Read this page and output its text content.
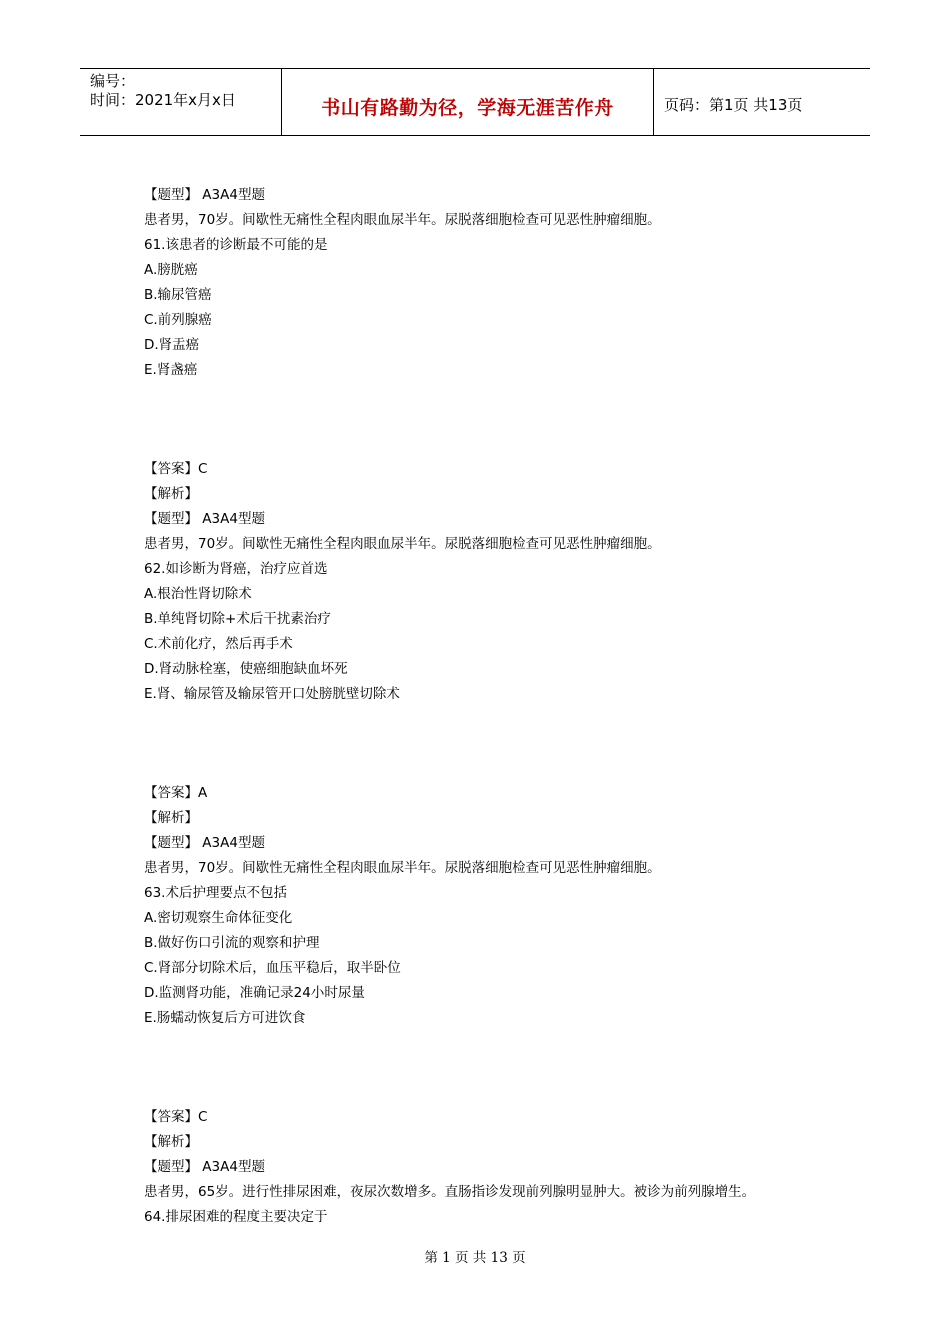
编号：
时间：2021年x月x日	书山有路勤为径，学海无涯苦作舟	页码：第1页 共13页
【题型】 A3A4型题
患者男，70岁。间歇性无痛性全程肉眼血尿半年。尿脱落细胞检查可见恶性肿瘤细胞。
61.该患者的诊断最不可能的是
A.膀胱癌
B.输尿管癌
C.前列腺癌
D.肾盂癌
E.肾盏癌
【答案】C
【解析】
【题型】 A3A4型题
患者男，70岁。间歇性无痛性全程肉眼血尿半年。尿脱落细胞检查可见恶性肿瘤细胞。
62.如诊断为肾癌，治疗应首选
A.根治性肾切除术
B.单纯肾切除+术后干扰素治疗
C.术前化疗，然后再手术
D.肾动脉栓塞，使癌细胞缺血坏死
E.肾、输尿管及输尿管开口处膀胱壁切除术
【答案】A
【解析】
【题型】 A3A4型题
患者男，70岁。间歇性无痛性全程肉眼血尿半年。尿脱落细胞检查可见恶性肿瘤细胞。
63.术后护理要点不包括
A.密切观察生命体征变化
B.做好伤口引流的观察和护理
C.肾部分切除术后，血压平稳后，取半卧位
D.监测肾功能，准确记录24小时尿量
E.肠蠕动恢复后方可进饮食
【答案】C
【解析】
【题型】 A3A4型题
患者男，65岁。进行性排尿困难，夜尿次数增多。直肠指诊发现前列腺明显肿大。被诊为前列腺增生。
64.排尿困难的程度主要决定于
第 1 页 共 13 页
